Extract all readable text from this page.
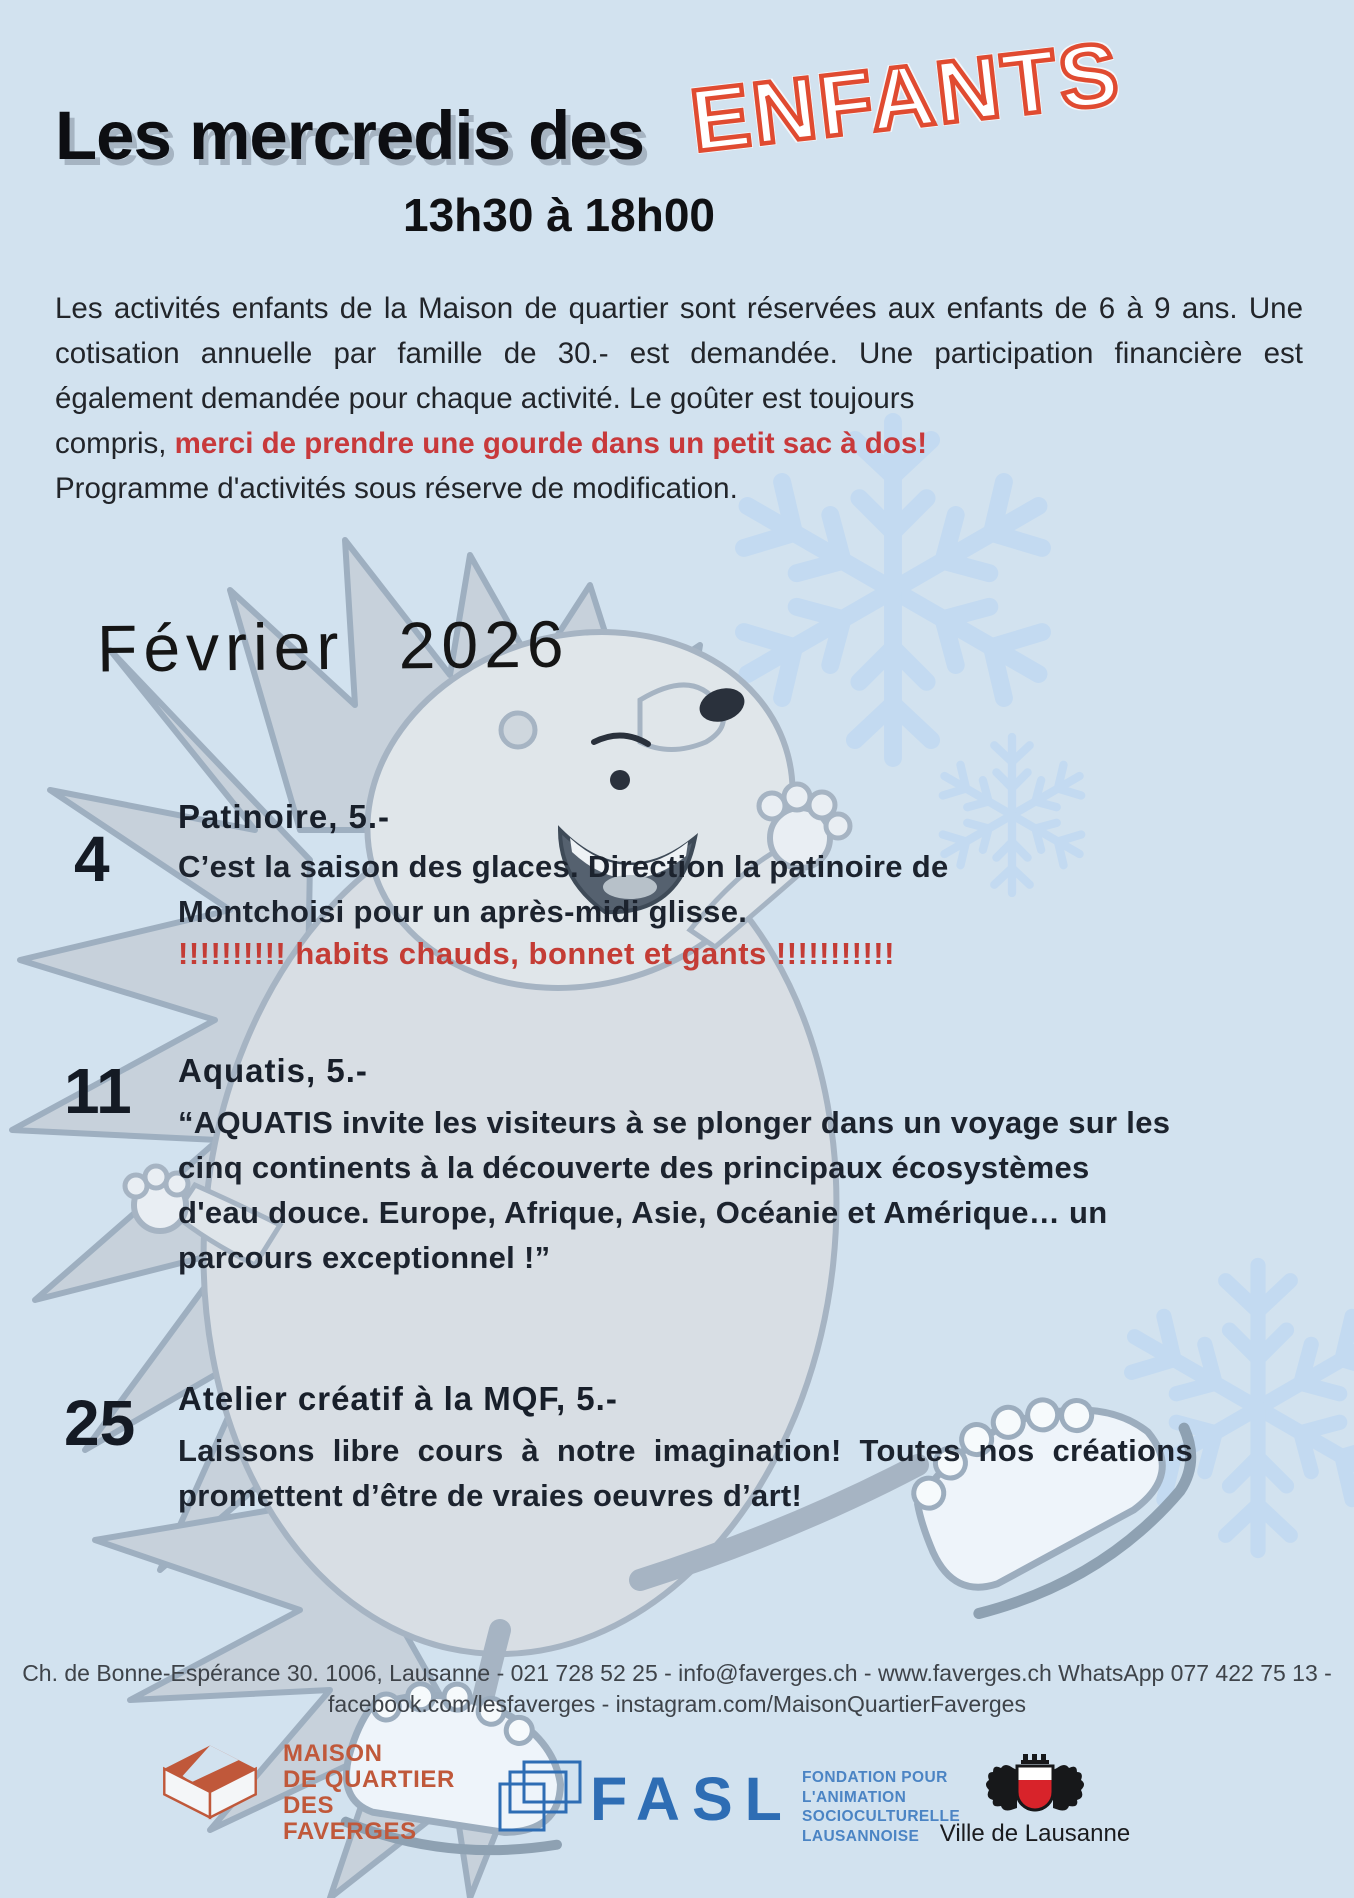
Les mercredis des ENFANTS
13h30 à 18h00

Les activités enfants de la Maison de quartier sont réservées aux enfants de 6 à 9 ans. Une cotisation annuelle par famille de 30.- est demandée. Une participation financière est également demandée pour chaque activité. Le goûter est toujours

compris, merci de prendre une gourde dans un petit sac à dos!

Programme d'activités sous réserve de modification.

Février 2026
4
Patinoire, 5.-
C’est la saison des glaces. Direction la patinoire de Montchoisi pour un après-midi glisse.
!!!!!!!!!! habits chauds, bonnet et gants !!!!!!!!!!!
11 Aquatis, 5.-
“AQUATIS invite les visiteurs à se plonger dans un voyage sur les cinq continents à la découverte des principaux écosystèmes d'eau douce. Europe, Afrique, Asie, Océanie et Amérique… un parcours exceptionnel !”
25 Atelier créatif à la MQF, 5.-
Laissons libre cours à notre imagination! Toutes nos créations promettent d’être de vraies oeuvres d’art!
Ch. de Bonne-Espérance 30. 1006, Lausanne - 021 728 52 25 - info@faverges.ch - www.faverges.ch WhatsApp 077 422 75 13 -
facebook.com/lesfaverges - instagram.com/MaisonQuartierFaverges
MAISON
DE QUARTIER
DES
FAVERGES	FASL FONDATION POUR
L'ANIMATION
SOCIOCULTURELLE
LAUSANNOISE Ville de Lausanne
